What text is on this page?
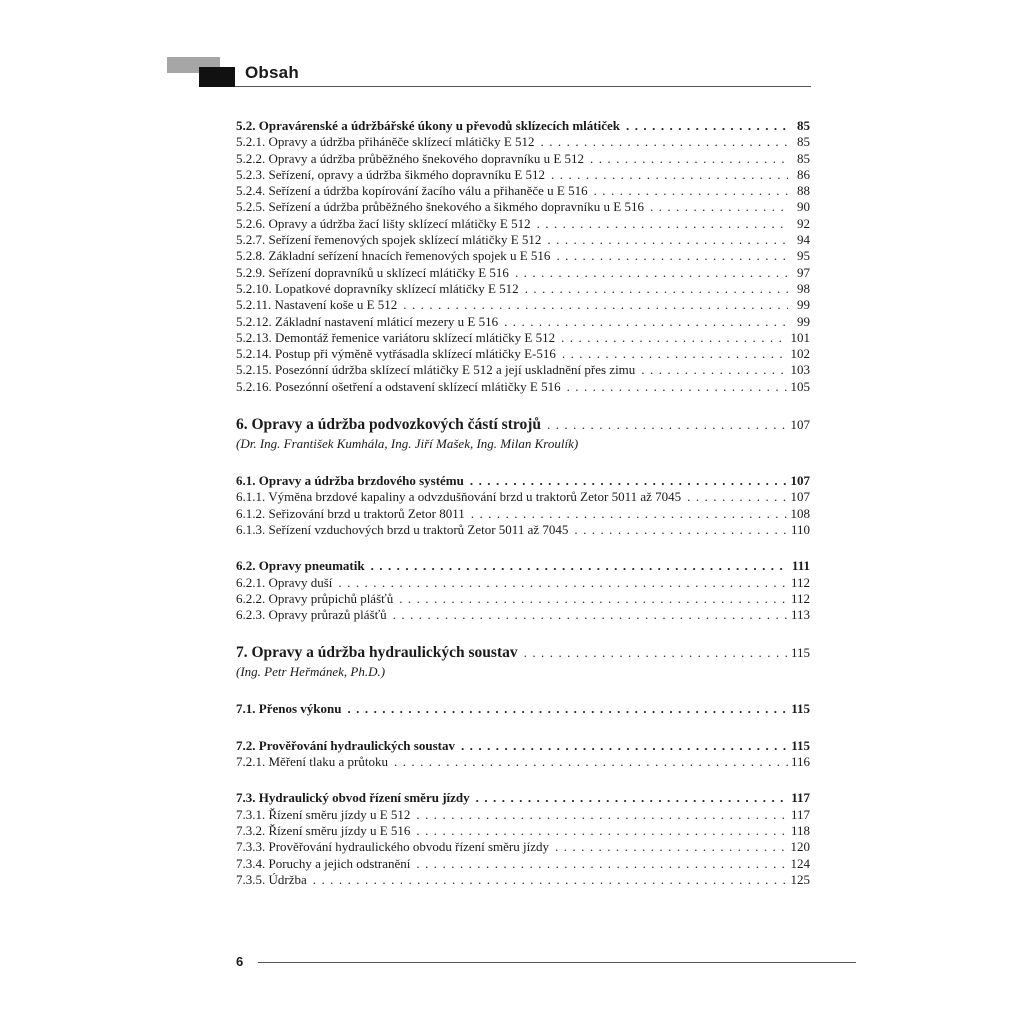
Obsah
5.2. Opravárenské a údržbářské úkony u převodů sklízecích mlátiček . . .	85
5.2.1. Opravy a údržba přiháněče sklízecí mlátičky E 512 . . .	85
5.2.2. Opravy a údržba průběžného šnekového dopravníku u E 512 . . .	85
5.2.3. Seřízení, opravy a údržba šikmého dopravníku E 512 . . .	86
5.2.4. Seřízení a údržba kopírování žacího válu a přihaněče u E 516 . . .	88
5.2.5. Seřízení a údržba průběžného šnekového a šikmého dopravníku u E 516 . . .	90
5.2.6. Opravy a údržba žací lišty sklízecí mlátičky E 512 . . .	92
5.2.7. Seřízení řemenových spojek sklízecí mlátičky E 512 . . .	94
5.2.8. Základní seřízení hnacích řemenových spojek u E 516 . . .	95
5.2.9. Seřízení dopravníků u sklízecí mlátičky E 516 . . .	97
5.2.10. Lopatkové dopravníky sklízecí mlátičky E 512 . . .	98
5.2.11. Nastavení koše u E 512 . . .	99
5.2.12. Základní nastavení mláticí mezery u E 516 . . .	99
5.2.13. Demontáž řemenice variátoru sklízecí mlátičky E 512 . . .	101
5.2.14. Postup při výměně vytřásadla sklízecí mlátičky E-516 . . .	102
5.2.15. Posezónní údržba sklízecí mlátičky E 512 a její uskladnění přes zimu . . .	103
5.2.16. Posezónní ošetření a odstavení sklízecí mlátičky E 516 . . .	105
6. Opravy a údržba podvozkových částí strojů . . .	107
(Dr. Ing. František Kumhála, Ing. Jiří Mašek, Ing. Milan Kroulík)
6.1. Opravy a údržba brzdového systému . . .	107
6.1.1. Výměna brzdové kapaliny a odvzdušňování brzd u traktorů Zetor 5011 až 7045 . . .	107
6.1.2. Seřizování brzd u traktorů Zetor 8011 . . .	108
6.1.3. Seřízení vzduchových brzd u traktorů Zetor 5011 až 7045 . . .	110
6.2. Opravy pneumatik . . .	111
6.2.1. Opravy duší . . .	112
6.2.2. Opravy průpichů plášťů . . .	112
6.2.3. Opravy průrazů plášťů . . .	113
7. Opravy a údržba hydraulických soustav . . .	115
(Ing. Petr Heřmánek, Ph.D.)
7.1. Přenos výkonu . . .	115
7.2. Prověřování hydraulických soustav . . .	115
7.2.1. Měření tlaku a průtoku . . .	116
7.3. Hydraulický obvod řízení směru jízdy . . .	117
7.3.1. Řízení směru jízdy u E 512 . . .	117
7.3.2. Řízení směru jízdy u E 516 . . .	118
7.3.3. Prověřování hydraulického obvodu řízení směru jízdy . . .	120
7.3.4. Poruchy a jejich odstranění . . .	124
7.3.5. Údržba . . .	125
6
